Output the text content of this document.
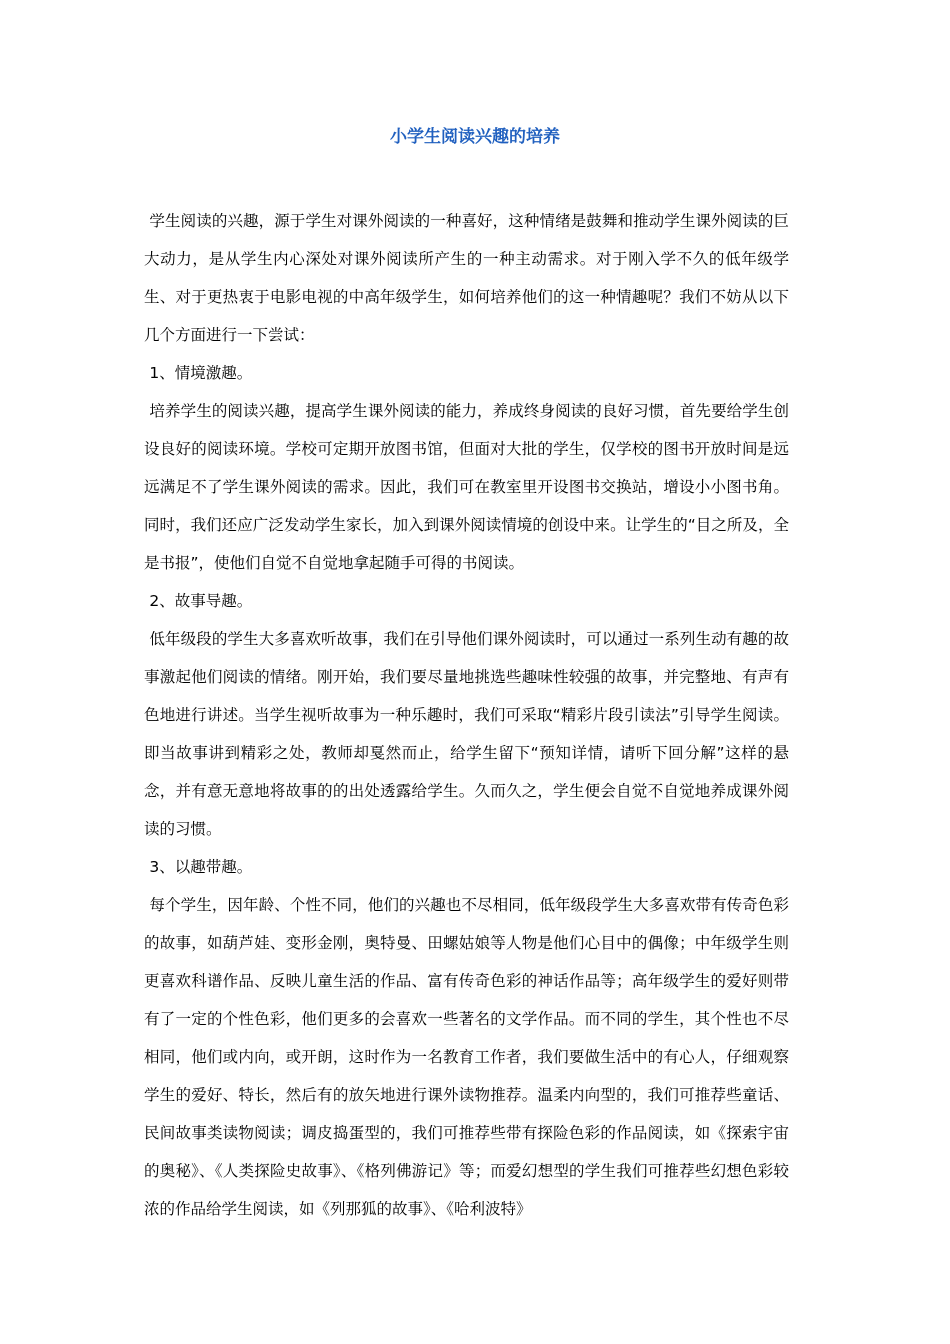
小学生阅读兴趣的培养

学生阅读的兴趣，源于学生对课外阅读的一种喜好，这种情绪是鼓舞和推动学生课外阅读的巨大动力，是从学生内心深处对课外阅读所产生的一种主动需求。对于刚入学不久的低年级学生、对于更热衷于电影电视的中高年级学生，如何培养他们的这一种情趣呢？我们不妨从以下几个方面进行一下尝试：

1、情境激趣。

培养学生的阅读兴趣，提高学生课外阅读的能力，养成终身阅读的良好习惯，首先要给学生创设良好的阅读环境。学校可定期开放图书馆，但面对大批的学生，仅学校的图书开放时间是远远满足不了学生课外阅读的需求。因此，我们可在教室里开设图书交换站，增设小小图书角。同时，我们还应广泛发动学生家长，加入到课外阅读情境的创设中来。让学生的“目之所及，全是书报”，使他们自觉不自觉地拿起随手可得的书阅读。

2、故事导趣。

低年级段的学生大多喜欢听故事，我们在引导他们课外阅读时，可以通过一系列生动有趣的故事激起他们阅读的情绪。刚开始，我们要尽量地挑选些趣味性较强的故事，并完整地、有声有色地进行讲述。当学生视听故事为一种乐趣时，我们可采取“精彩片段引读法”引导学生阅读。即当故事讲到精彩之处，教师却戛然而止，给学生留下“预知详情，请听下回分解”这样的悬念，并有意无意地将故事的的出处透露给学生。久而久之，学生便会自觉不自觉地养成课外阅读的习惯。

3、以趣带趣。

每个学生，因年龄、个性不同，他们的兴趣也不尽相同，低年级段学生大多喜欢带有传奇色彩的故事，如葫芦娃、变形金刚，奥特曼、田螺姑娘等人物是他们心目中的偶像；中年级学生则更喜欢科谱作品、反映儿童生活的作品、富有传奇色彩的神话作品等；高年级学生的爱好则带有了一定的个性色彩，他们更多的会喜欢一些著名的文学作品。而不同的学生，其个性也不尽相同，他们或内向，或开朗，这时作为一名教育工作者，我们要做生活中的有心人，仔细观察学生的爱好、特长，然后有的放矢地进行课外读物推荐。温柔内向型的，我们可推荐些童话、民间故事类读物阅读；调皮捣蛋型的，我们可推荐些带有探险色彩的作品阅读，如《探索宇宙的奥秘》、《人类探险史故事》、《格列佛游记》等；而爱幻想型的学生我们可推荐些幻想色彩较浓的作品给学生阅读，如《列那狐的故事》、《哈利波特》
